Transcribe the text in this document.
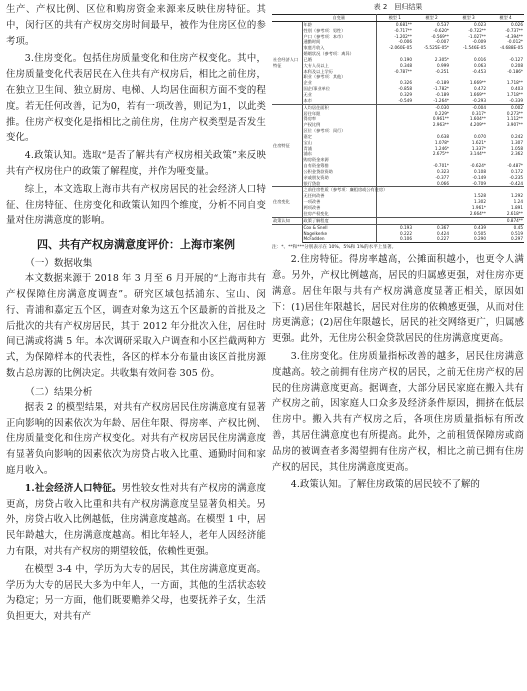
生产、产权比例、区位和购房资金来源来反映住房特征。其中，闵行区的共有产权房交房时间最早，被作为住房区位的参考项。

3.住房变化。包括住房质量变化和住房产权变化。其中，住房质量变化代表居民在入住共有产权房后，相比之前住房，在独立卫生间、独立厨房、电梯、人均居住面积方面不变的程度。若无任何改善，记为0，若有一项改善，则记为1，以此类推。住房产权变化是指相比之前住房，住房产权类型是否发生变化。

4.政策认知。选取“是否了解共有产权房相关政策”来反映共有产权房住户的政策了解程度，并作为哑变量。

综上，本文选取上海市共有产权房居民的社会经济人口特征、住房特征、住房变化和政策认知四个维度，分析不同自变量对住房满意度的影响。

四、共有产权房满意度评价：上海市案例
（一）数据收集

本文数据来源于 2018 年 3 月至 6 月开展的“上海市共有产权保障住房满意度调查”。研究区域包括浦东、宝山、闵行、青浦和嘉定五个区，调查对象为这五个区最新的首批及之后批次的共有产权房居民，其于 2012 年分批次入住，居住时间已满或将满 5 年。本次调研采取入户调查和小区拦截两种方式，为保障样本的代表性，各区的样本分布量由该区首批房源数占总房源的比例决定。共收集有效问卷 305 份。

（二）结果分析

据表 2 的模型结果，对共有产权房居民住房满意度有显著正向影响的因素依次为年龄、居住年限、得房率、产权比例、住房质量变化和住房产权变化。对共有产权房居民住房满意度有显著负向影响的因素依次为房贷占收入比重、通勤时间和家庭月收入。

1.社会经济人口特征。男性较女性对共有产权房的满意度更高，房贷占收入比重和共有产权房满意度呈显著负相关。另外，房贷占收入比例越低，住房满意度越高。在模型 1 中，居民年龄越大，住房满意度越高。相比年轻人，老年人因经济能力有限，对共有产权房的期望较低，依赖性更强。

在模型 3-4 中，学历为大专的居民，其住房满意度更高。学历为大专的居民大多为中年人，一方面，其他的生活状态较为稳定；另一方面，他们既要赡养父母，也要抚养子女，生活负担更大，对共有产

表 2　回归结果
	自变量	模型 1	模型 2	模型 3	模型 4
社会经济人口特征	年龄	0.681**	0.537	0.023	0.026
	性别（参考项：男性）	-0.717**	-0.620*	-0.722**	-0.737**
	户口（参考项：本市）	-1.202**	-0.569**	-1.027**	-4.394**
	通勤时间	-0.006	-0.007	-0.009	-0.012*
	家庭月收入	-2.060E-05	-5.525E-05*	-1.546E-05	-4.688E-05
	婚姻状况（参考项：离异）				
	已婚	0.190	2.305*	0.016	-0.127
	大专人员以上	0.348	0.999	0.063	0.208
	本科及以上学历	-0.787**	-0.251	-0.453	-0.186*
	职业（参考项：其他）				
	企业	0.326	-0.189	1.669**	1.718**
	国企/事业单位	-0.858	-1.782*	0.472	0.403
	无业	0.329	-0.189	1.669**	1.718**
	本市	-0.549	-1.264*	-0.293	-0.339
住房特征	人均居住面积		-0.030	-0.004	0.002
	居住年限		0.229*	0.317*	0.273**
	得房率		0.961**	1.604**	1.112**
	产权比例		2.963**	4.209**	3.907**
	区位（参考项：闵行）				
	嘉定		0.638	0.070	0.242
	宝山		1.078*	1.621*	1.307
	青浦		1.246*	1.337*	1.058
	浦东		2.675**	3.144**	2.362
	购房资金来源				
	自有资金筹措		-0.701*	-0.624*	-0.487*
	公积金贷款资助		0.323	0.108	0.172
	亲戚朋友资助		-0.377	-0.149	-0.235
	银行贷款		0.066	-0.709	-0.424
住房变化	之前住房性质（参考项：廉租房或公有住房）				
	无任何改善			1.528	1.292
	一项改善			1.302	1.24
	两项改善			1.961*	1.891
	住房产权变化			2.664**	2.618**
政策认知	政策了解程度				0.874**
	Cox & Snell	0.193	0.367	0.439	0.45
	Nagelkerke	0.222	0.424	0.505	0.519
	McFadden	0.106	0.227	0.290	0.297
注：*、**和***分别表示在 10%、5%和 1%的水平上显著。

2.住房特征。得房率越高，公摊面积越小，也更令人满意。另外，产权比例越高，居民的归属感更强，对住房亦更满意。居住年限与共有产权房满意度显著正相关，原因如下：(1)居住年限越长，居民对住房的依赖感更强，从而对住房更满意；(2)居住年限越长，居民的社交网络更广，归属感更强。此外，无住房公积金贷款居民的住房满意度更高。

3.住房变化。住房质量指标改善的越多，居民住房满意度越高。较之前拥有住房产权的居民，之前无住房产权的居民的住房满意度更高。据调查，大部分居民家庭在搬入共有产权房之前，因家庭人口众多及经济条件原因，拥挤在低层住房中。搬入共有产权房之后，各项住房质量指标有所改善，其居住满意度也有所提高。此外，之前租赁保障房或商品房的被调查者多渴望拥有住房产权，相比之前已拥有住房产权的居民，其住房满意度更高。

4.政策认知。了解住房政策的居民较不了解的
